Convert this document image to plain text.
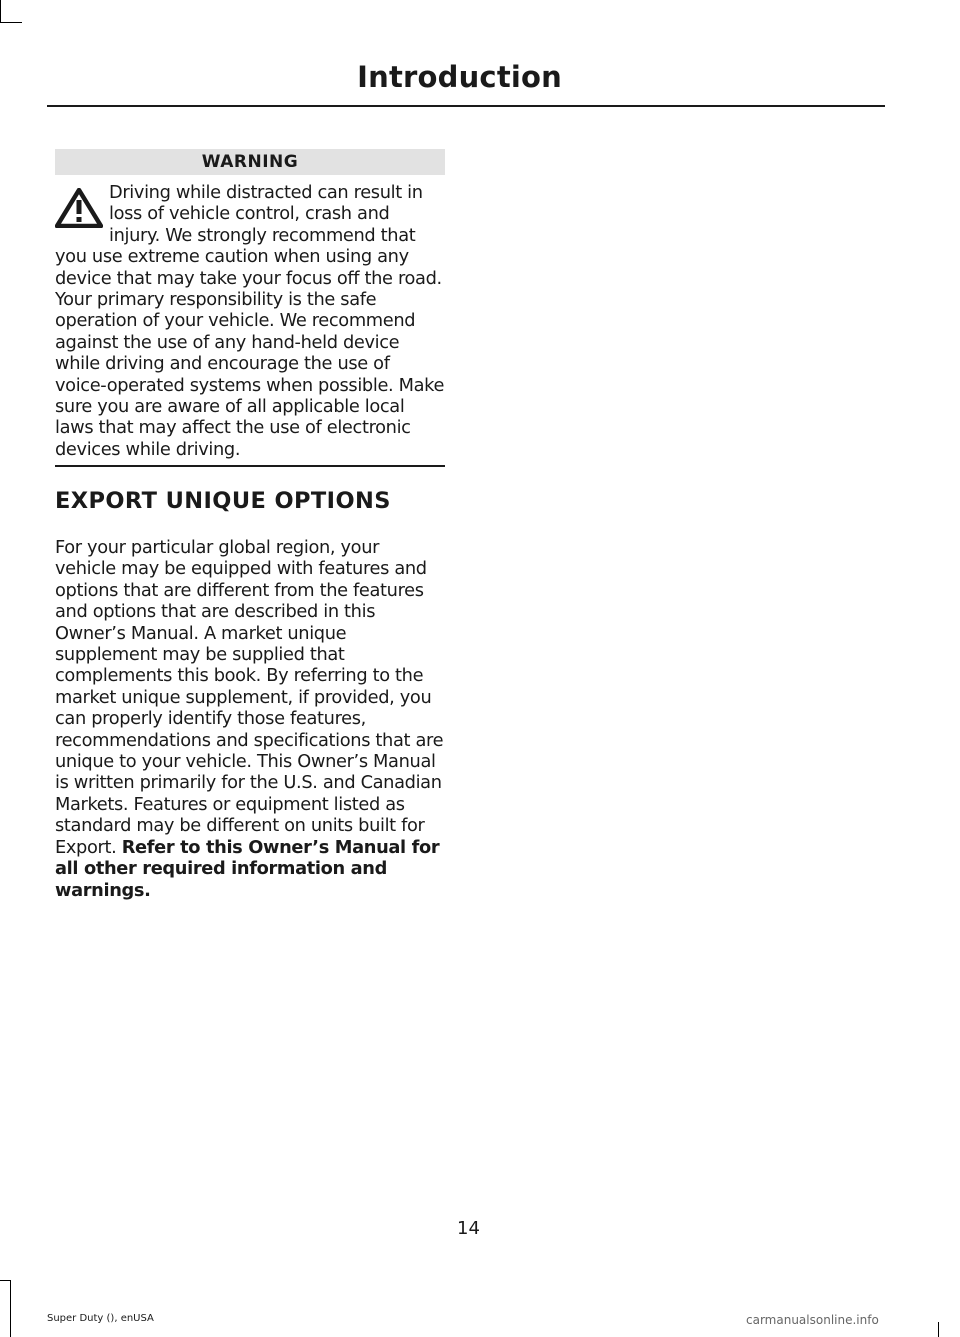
Introduction
WARNING
Driving while distracted can result in loss of vehicle control, crash and injury. We strongly recommend that you use extreme caution when using any device that may take your focus off the road. Your primary responsibility is the safe operation of your vehicle. We recommend against the use of any hand-held device while driving and encourage the use of voice-operated systems when possible. Make sure you are aware of all applicable local laws that may affect the use of electronic devices while driving.
EXPORT UNIQUE OPTIONS
For your particular global region, your vehicle may be equipped with features and options that are different from the features and options that are described in this Owner’s Manual. A market unique supplement may be supplied that complements this book. By referring to the market unique supplement, if provided, you can properly identify those features, recommendations and specifications that are unique to your vehicle. This Owner’s Manual is written primarily for the U.S. and Canadian Markets. Features or equipment listed as standard may be different on units built for Export. Refer to this Owner’s Manual for all other required information and warnings.
14
Super Duty (), enUSA	carmanualsonline.info
